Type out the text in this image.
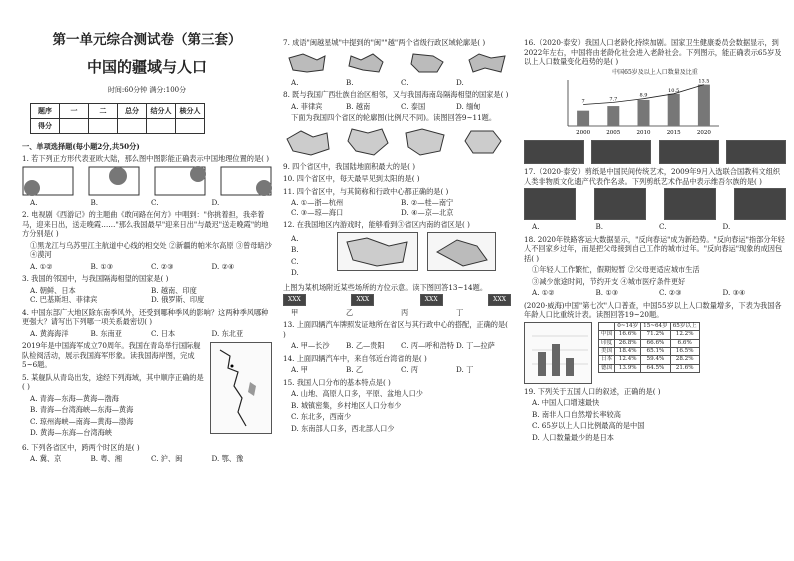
第一单元综合测试卷（第三套）
中国的疆域与人口
时间:60分钟 满分:100分
题序	一	二	总分	结分人	核分人
得分					
一、单项选择题(每小题2分,共50分)

1. 若下列正方形代表亚欧大陆，那么图中图影能正确表示中国地理位置的是( )

A.	B.	C.	D.

2. 电视剧《西游记》的主题曲《敢问路在何方》中唱到："你挑着担，我牵着马，迎来日出，送走晚霞……"那么我国最早"迎来日出"与最迟"送走晚霞"的地方分别是( )

①黑龙江与乌苏里江主航道中心线的相交处 ②新疆的帕米尔高原 ③曾母暗沙 ④漠河

A. ①②	B. ①③	C. ②③	D. ②④

3. 我国的邻国中，与我国隔海相望的国家是( )

A. 朝鲜、日本	B. 越南、印度
C. 巴基斯坦、菲律宾	D. 俄罗斯、印度

4. 中国东部广大地区除东南季风外，还受到哪种季风的影响？这两种季风哪种更强大？请写出下列哪一项关系最密切( )

A. 黄海海洋	B. 东南亚	C. 日本	D. 东北亚

2019年是中国海军成立70周年。我国在青岛举行国际舰队检阅活动，展示我国海军形象。读我国海岸图，完成5~6题。

5. 某舰队从青岛出发，途经下列海域，其中顺序正确的是( )

A. 青海—东海—黄海—渤海

B. 青海—台湾海峡—东海—黄海

C. 琼州海峡—南海—黄海—渤海

D. 黄海—东海—台湾海峡

6. 下列各省区中，跨两个时区的是( )

A. 冀、京	B. 粤、湘	C. 沪、闽	D. 鄂、豫

7. 成语"闽越星城"中提到的"闽""越"两个省级行政区域轮廓是( )

A.	B.	C.	D.

8. 既与我国广西壮族自治区相邻，又与我国海南岛隔海相望的国家是( )

A. 菲律宾	B. 越南	C. 泰国	D. 缅甸

下面为我国四个省区的轮廓图(比例尺不同)。读图回答9~11题。

9. 四个省区中，我国陆地面积最大的是( )

10. 四个省区中，每天最早见到太阳的是( )

11. 四个省区中，与其简称和行政中心都正确的是( )

A. ①—浙—杭州	B. ②—桂—南宁
C. ③—琼—海口	D. ④—京—北京

12. 在我国地区内游戏时，能够看到③省区内南的省区是( )

A.

B.

C.

D.

上图为某机场附近某些场所的方位示意。读下图回答13~14题。

XXX	XXX	XXX	XXX
甲	乙	丙	丁

13. 上面四辆汽车牌照发证地所在省区与其行政中心的搭配，正确的是( )

A. 甲—长沙	B. 乙—贵阳	C. 丙—呼和浩特 D. 丁—拉萨

14. 上面四辆汽车中，来自邻近台湾省的是( )

A. 甲	B. 乙	C. 丙	D. 丁

15. 我国人口分布的基本特点是( )

A. 山地、高原人口多，平原、盆地人口少

B. 城镇密集，乡村地区人口分布少

C. 东北多，西南少

D. 东南部人口多，西北部人口少

16.（2020·泰安）我国人口老龄化持续加剧。国家卫生健康委员会数据显示，到2022年左右，中国将由老龄化社会进入老龄社会。下列图示，能正确表示65岁及以上人口数量变化趋势的是( )

中国65岁及以上人口数量及比重
2000
7
2005
7.7
2010
8.9
2015
10.5
2020
13.5

17.（2020·泰安）剪纸是中国民间传统艺术，2009年9月入选联合国教科文组织人类非物质文化遗产代表作名录。下列剪纸艺术作品中表示维吾尔族的是( )

A.	B.	C.	D.

18. 2020年铁路客运大数据显示，"反向春运"成为新趋势。"反向春运"指部分年轻人不回家乡过年，而是把父母接到自己工作的城市过年。"反向春运"现象的成因包括( )

①年轻人工作繁忙，假期短暂 ②父母更适应城市生活

③减少旅途时间，节约开支 ④城市医疗条件更好

A. ①②	B. ①③	C. ②③	D. ③④

(2020·威海)中国"第七次"人口普查，中国55岁以上人口数量增多，下表为我国各年龄人口比重统计表。读图回答19~20题。

	0~14岁	15~64岁	65岁以上
中国	16.6%	71.2%	12.2%
印度	26.8%	66.6%	6.6%
美国	18.4%	65.1%	16.5%
日本	12.4%	59.4%	28.2%
德国	13.9%	64.5%	21.6%

19. 下列关于五国人口的叙述，正确的是( )

A. 中国人口增速最快

B. 南非人口自然增长率较高

C. 65岁以上人口比例最高的是中国

D. 人口数量最少的是日本
